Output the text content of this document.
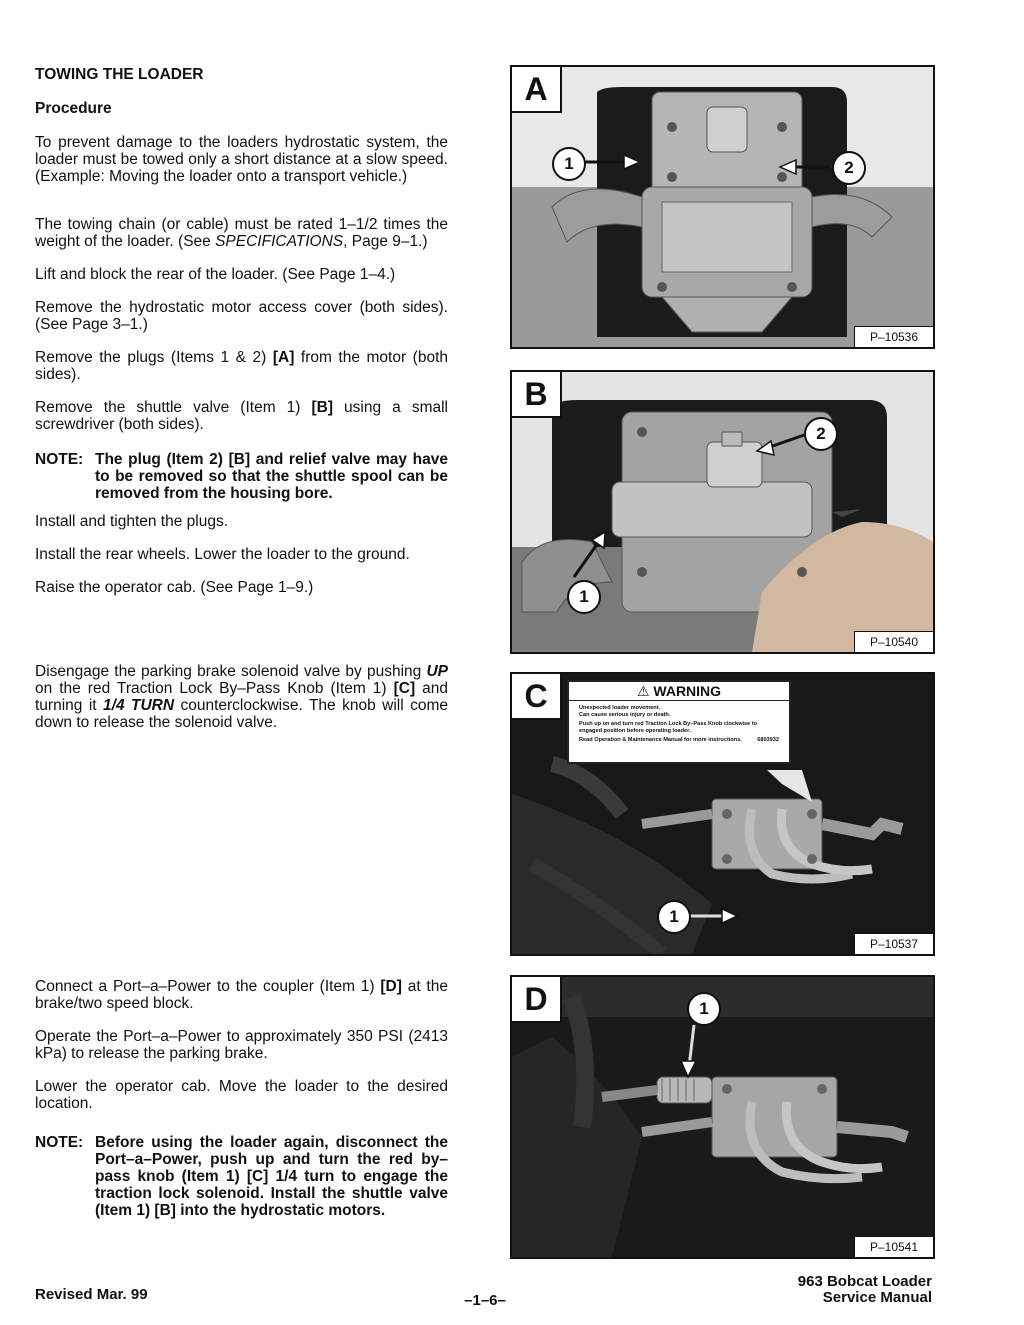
TOWING THE LOADER
Procedure

To prevent damage to the loaders hydrostatic system, the loader must be towed only a short distance at a slow speed. (Example: Moving the loader onto a transport vehicle.)

The towing chain (or cable) must be rated 1–1/2 times the weight of the loader. (See SPECIFICATIONS, Page 9–1.)

Lift and block the rear of the loader. (See Page 1–4.)

Remove the hydrostatic motor access cover (both sides). (See Page 3–1.)

Remove the plugs (Items 1 & 2) [A] from the motor (both sides).

Remove the shuttle valve (Item 1) [B] using a small screwdriver (both sides).

NOTE: The plug (Item 2) [B] and relief valve may have to be removed so that the shuttle spool can be removed from the housing bore.

Install and tighten the plugs.

Install the rear wheels. Lower the loader to the ground.

Raise the operator cab. (See Page 1–9.)

Disengage the parking brake solenoid valve by pushing UP on the red Traction Lock By–Pass Knob (Item 1) [C] and turning it 1/4 TURN counterclockwise. The knob will come down to release the solenoid valve.

Connect a Port–a–Power to the coupler (Item 1) [D] at the brake/two speed block.

Operate the Port–a–Power to approximately 350 PSI (2413 kPa) to release the parking brake.

Lower the operator cab. Move the loader to the desired location.

NOTE: Before using the loader again, disconnect the Port–a–Power, push up and turn the red by–pass knob (Item 1) [C] 1/4 turn to engage the traction lock solenoid. Install the shuttle valve (Item 1) [B] into the hydrostatic motors.
A
1	2
P–10536
B
2
1
P–10540
C	⚠ WARNING
Unexpected loader movement.
Can cause serious injury or death.
Push up on and turn red Traction Lock By–Pass Knob clockwise to
engaged position before operating loader.
Read Operation & Maintenance Manual for more instructions.	6803932
1
P–10537
D	1
P–10541
Revised Mar. 99	–1–6–
963 Bobcat Loader
Service Manual
